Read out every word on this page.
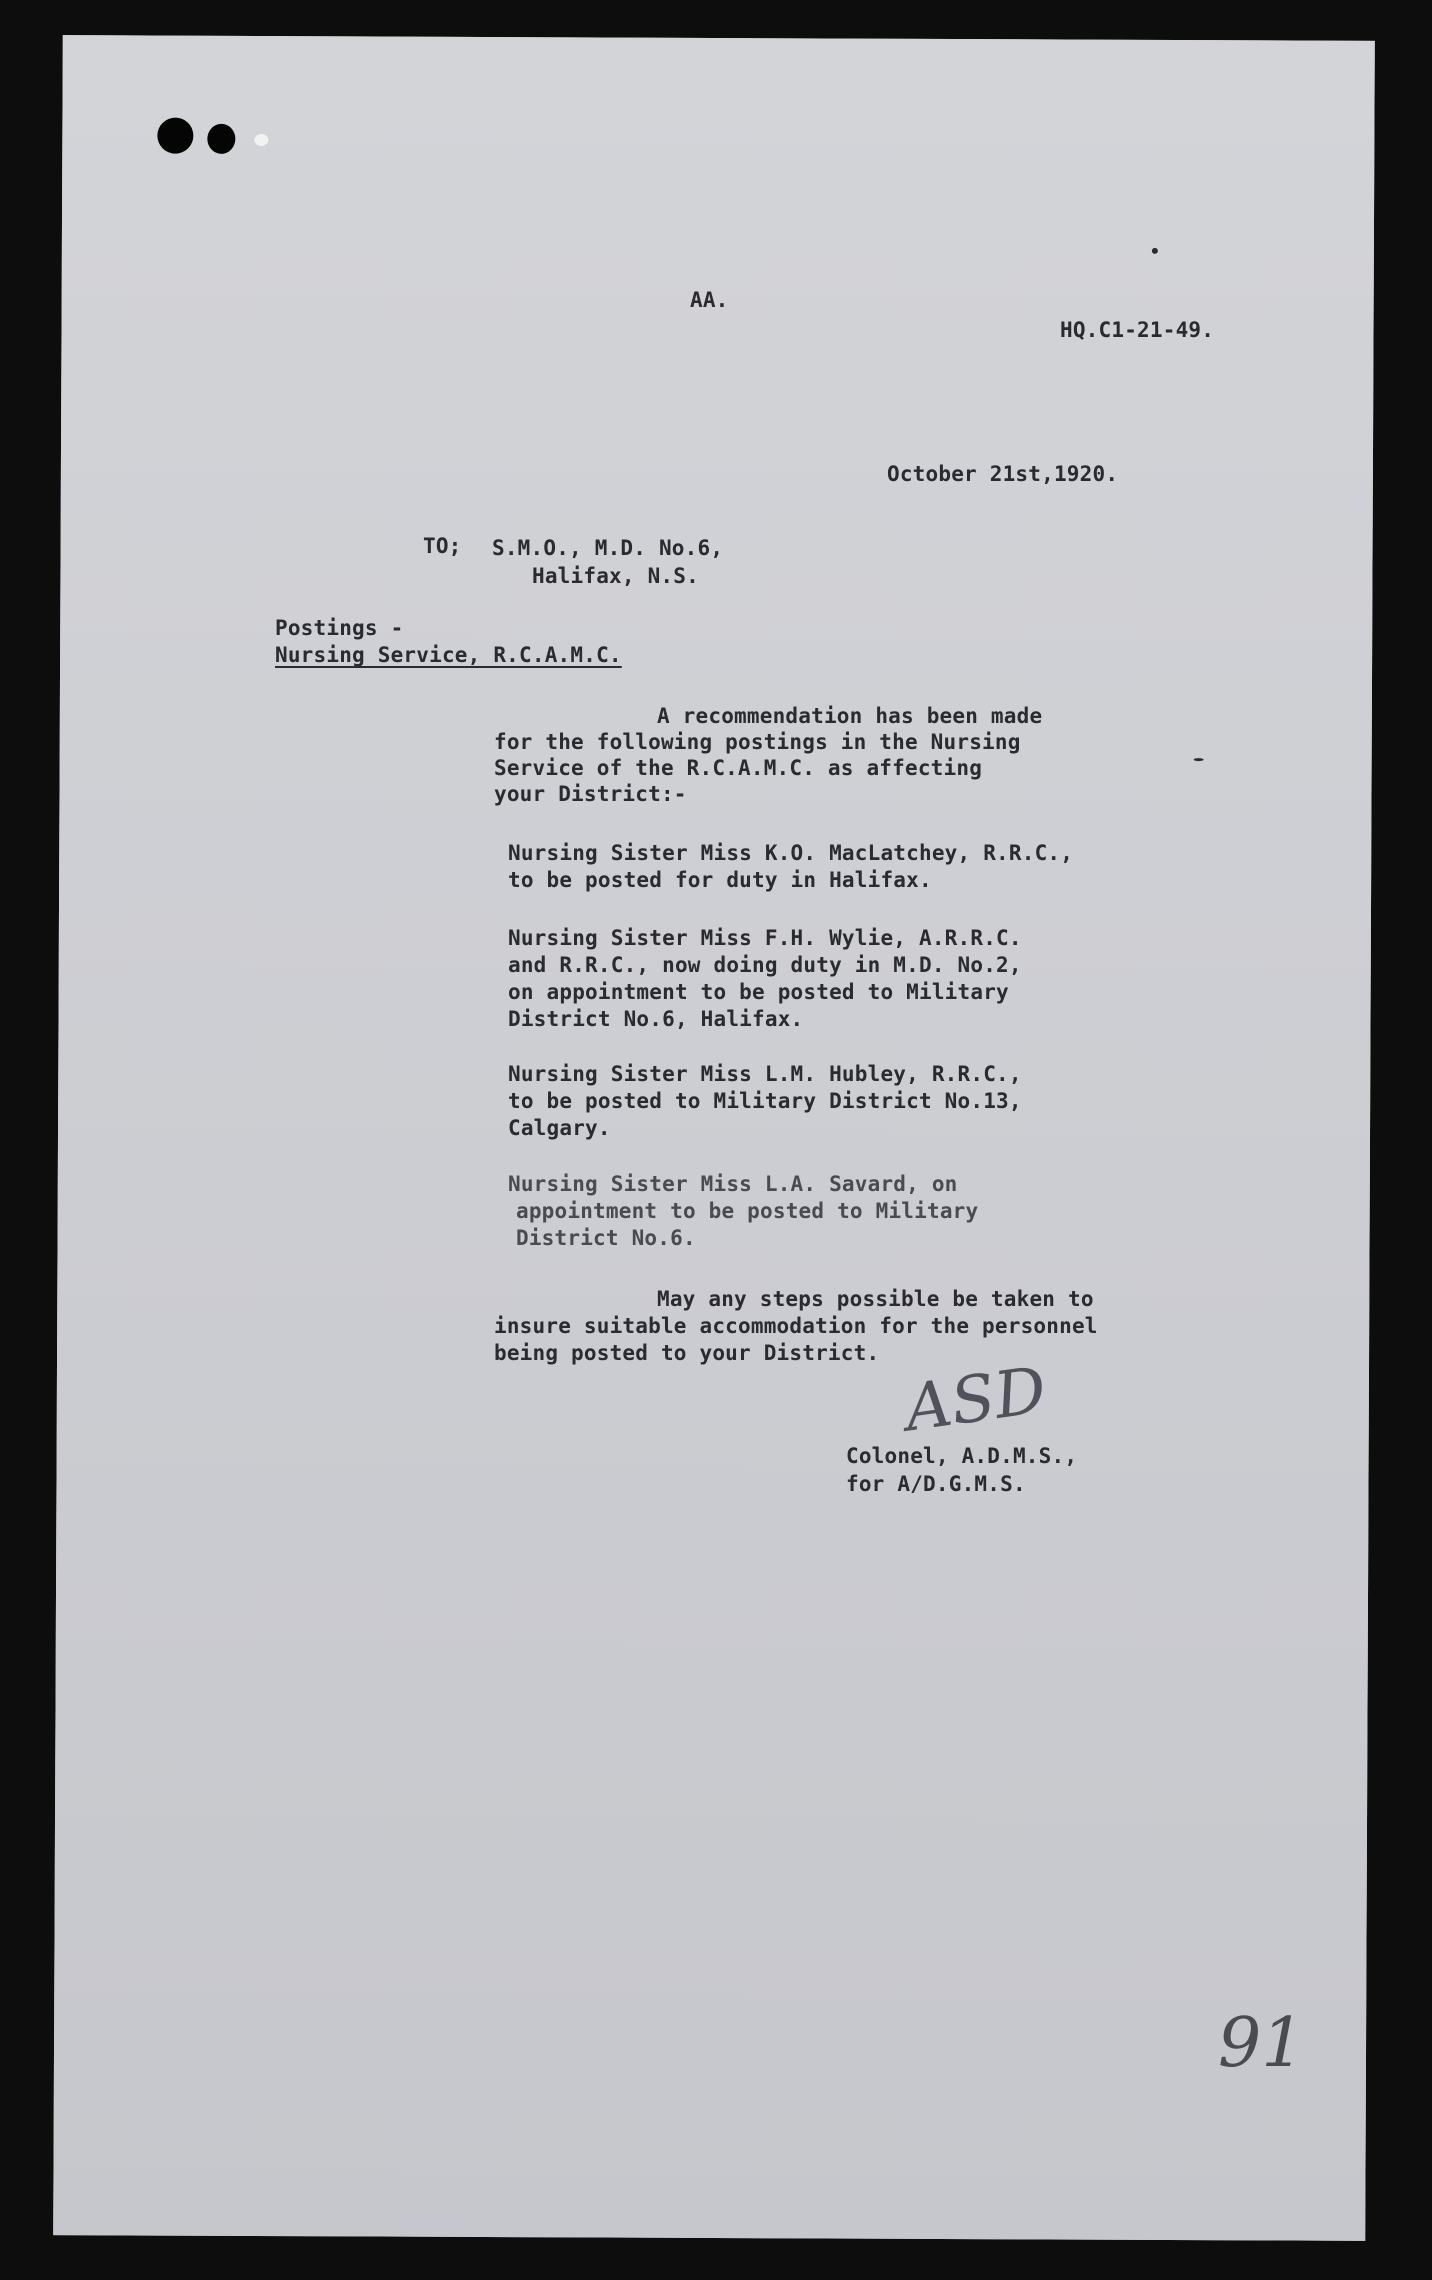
AA.
HQ.C1-21-49.
October 21st,1920.
TO; S.M.O., M.D. No.6,
Halifax, N.S.
Postings -
Nursing Service, R.C.A.M.C.
A recommendation has been made
for the following postings in the Nursing
Service of the R.C.A.M.C. as affecting
your District:-
Nursing Sister Miss K.O. MacLatchey, R.R.C.,
to be posted for duty in Halifax.
Nursing Sister Miss F.H. Wylie, A.R.R.C.
and R.R.C., now doing duty in M.D. No.2,
on appointment to be posted to Military
District No.6, Halifax.
Nursing Sister Miss L.M. Hubley, R.R.C.,
to be posted to Military District No.13,
Calgary.
Nursing Sister Miss L.A. Savard, on
appointment to be posted to Military
District No.6.
May any steps possible be taken to
insure suitable accommodation for the personnel
being posted to your District.
ASD
Colonel, A.D.M.S.,
for A/D.G.M.S.
91
